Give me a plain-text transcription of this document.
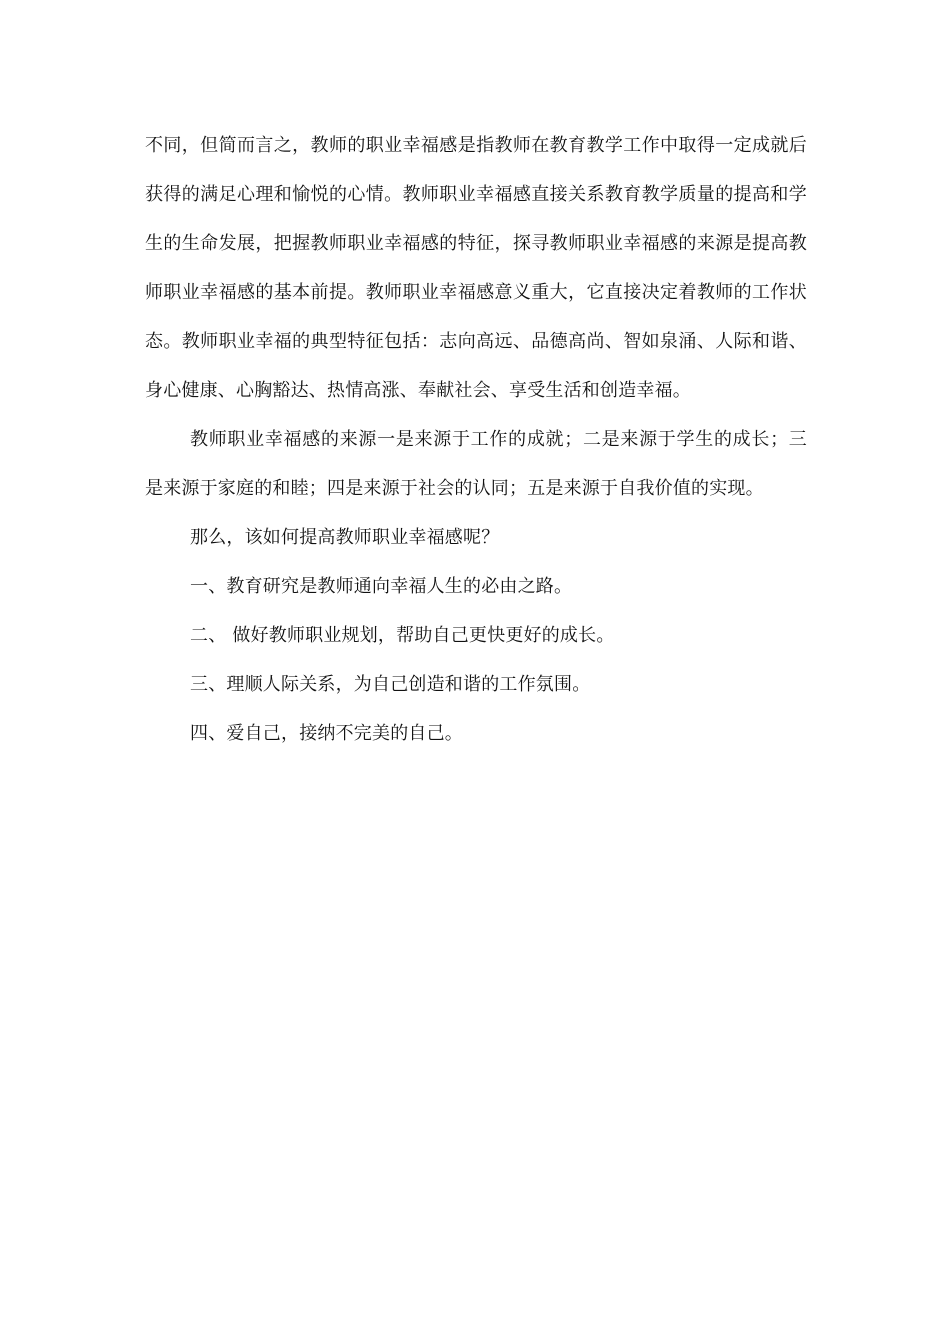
不同，但简而言之，教师的职业幸福感是指教师在教育教学工作中取得一定成就后获得的满足心理和愉悦的心情。教师职业幸福感直接关系教育教学质量的提高和学生的生命发展，把握教师职业幸福感的特征，探寻教师职业幸福感的来源是提高教师职业幸福感的基本前提。教师职业幸福感意义重大，它直接决定着教师的工作状态。教师职业幸福的典型特征包括：志向高远、品德高尚、智如泉涌、人际和谐、身心健康、心胸豁达、热情高涨、奉献社会、享受生活和创造幸福。

教师职业幸福感的来源一是来源于工作的成就；二是来源于学生的成长；三是来源于家庭的和睦；四是来源于社会的认同；五是来源于自我价值的实现。

那么，该如何提高教师职业幸福感呢？

一、教育研究是教师通向幸福人生的必由之路。

二、 做好教师职业规划，帮助自己更快更好的成长。

三、理顺人际关系，为自己创造和谐的工作氛围。

四、爱自己，接纳不完美的自己。
